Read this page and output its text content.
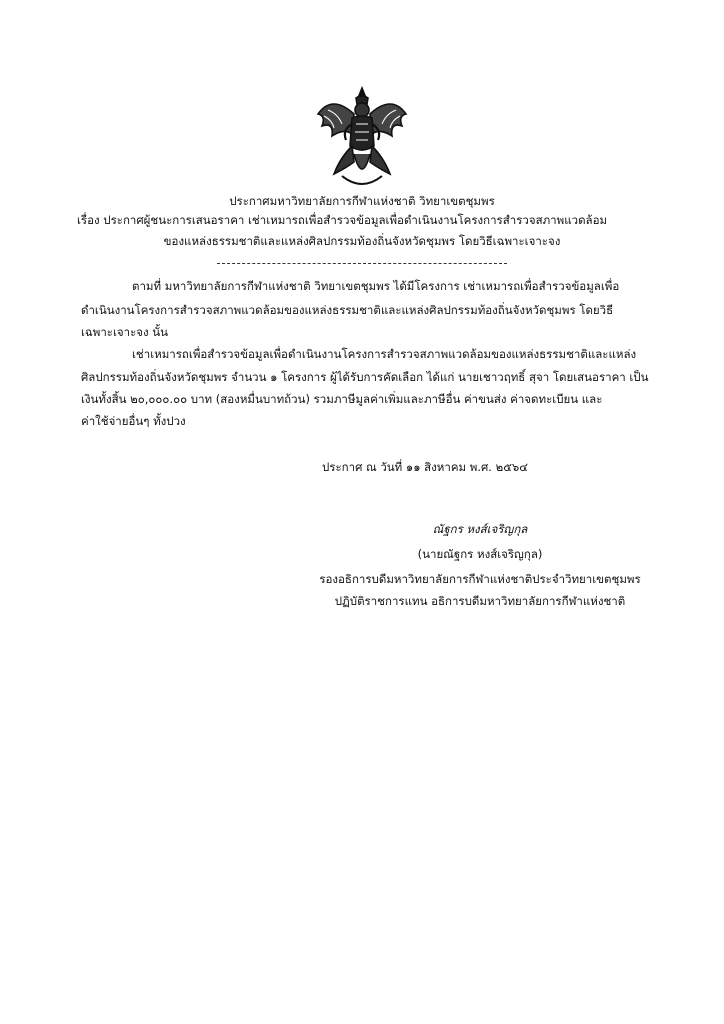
ประกาศมหาวิทยาลัยการกีฬาแห่งชาติ วิทยาเขตชุมพร
เรื่อง ประกาศผู้ชนะการเสนอราคา เช่าเหมารถเพื่อสำรวจข้อมูลเพื่อดำเนินงานโครงการสำรวจสภาพแวดล้อม
ของแหล่งธรรมชาติและแหล่งศิลปกรรมท้องถิ่นจังหวัดชุมพร โดยวิธีเฉพาะเจาะจง
ตามที่ มหาวิทยาลัยการกีฬาแห่งชาติ วิทยาเขตชุมพร ได้มีโครงการ เช่าเหมารถเพื่อสำรวจข้อมูลเพื่อ
ดำเนินงานโครงการสำรวจสภาพแวดล้อมของแหล่งธรรมชาติและแหล่งศิลปกรรมท้องถิ่นจังหวัดชุมพร โดยวิธี
เฉพาะเจาะจง นั้น
เช่าเหมารถเพื่อสำรวจข้อมูลเพื่อดำเนินงานโครงการสำรวจสภาพแวดล้อมของแหล่งธรรมชาติและแหล่ง
ศิลปกรรมท้องถิ่นจังหวัดชุมพร จำนวน ๑ โครงการ ผู้ได้รับการคัดเลือก ได้แก่ นายเชาวฤทธิ์ สุจา โดยเสนอราคา เป็น
เงินทั้งสิ้น ๒๐,๐๐๐.๐๐ บาท (สองหมื่นบาทถ้วน) รวมภาษีมูลค่าเพิ่มและภาษีอื่น ค่าขนส่ง ค่าจดทะเบียน และ
ค่าใช้จ่ายอื่นๆ ทั้งปวง
ประกาศ ณ วันที่ ๑๑ สิงหาคม พ.ศ. ๒๕๖๔
ณัฐกร หงส์เจริญกุล
(นายณัฐกร หงส์เจริญกุล)
รองอธิการบดีมหาวิทยาลัยการกีฬาแห่งชาติประจำวิทยาเขตชุมพร
ปฏิบัติราชการแทน อธิการบดีมหาวิทยาลัยการกีฬาแห่งชาติ
